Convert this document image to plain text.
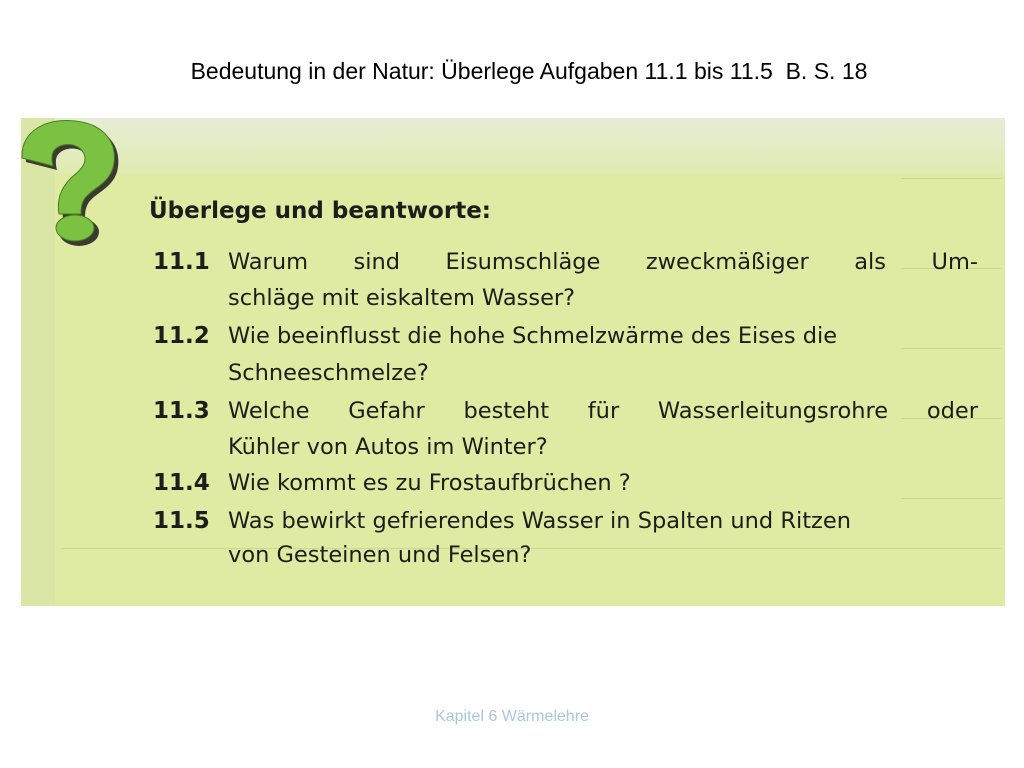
Bedeutung in der Natur: Überlege Aufgaben 11.1 bis 11.5  B. S. 18
Überlege und beantworte:
11.1 Warum sind Eisumschläge zweckmäßiger als Um-
schläge mit eiskaltem Wasser?
11.2 Wie beeinflusst die hohe Schmelzwärme des Eises die
Schneeschmelze?
11.3 Welche Gefahr besteht für Wasserleitungsrohre oder
Kühler von Autos im Winter?
11.4 Wie kommt es zu Frostaufbrüchen ?
11.5 Was bewirkt gefrierendes Wasser in Spalten und Ritzen
von Gesteinen und Felsen?
Kapitel 6 Wärmelehre
